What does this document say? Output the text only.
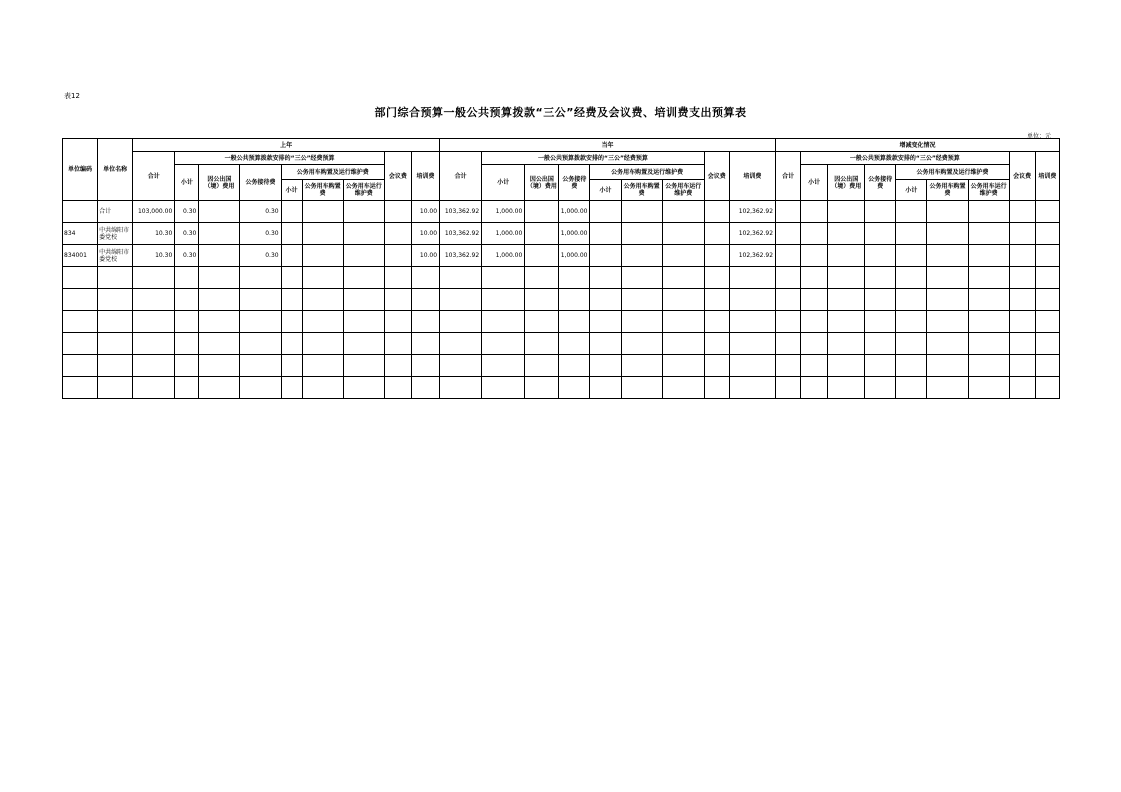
表12
部门综合预算一般公共预算拨款“三公”经费及会议费、培训费支出预算表
单位：元
单位编码	单位名称	上年									当年									增减变化情况								
		合计	一般公共预算拨款安排的“三公”经费预算						会议费	培训费	合计	一般公共预算拨款安排的“三公”经费预算						会议费	培训费	合计	一般公共预算拨款安排的“三公”经费预算						会议费	培训费
			小计	因公出国（境）费用	公务接待费	公务用车购置及运行维护费						小计	因公出国（境）费用	公务接待费	公务用车购置及运行维护费						小计	因公出国（境）费用	公务接待费	公务用车购置及运行维护费				
						小计	公务用车购置费	公务用车运行维护费							小计	公务用车购置费	公务用车运行维护费							小计	公务用车购置费	公务用车运行维护费		
	合计	103,000.00	0.30		0.30					10.00	103,362.92	1,000.00		1,000.00					102,362.92									
834	中共绵阳市委党校	10.30	0.30		0.30					10.00	103,362.92	1,000.00		1,000.00					102,362.92									
834001	中共绵阳市委党校	10.30	0.30		0.30					10.00	103,362.92	1,000.00		1,000.00					102,362.92									
